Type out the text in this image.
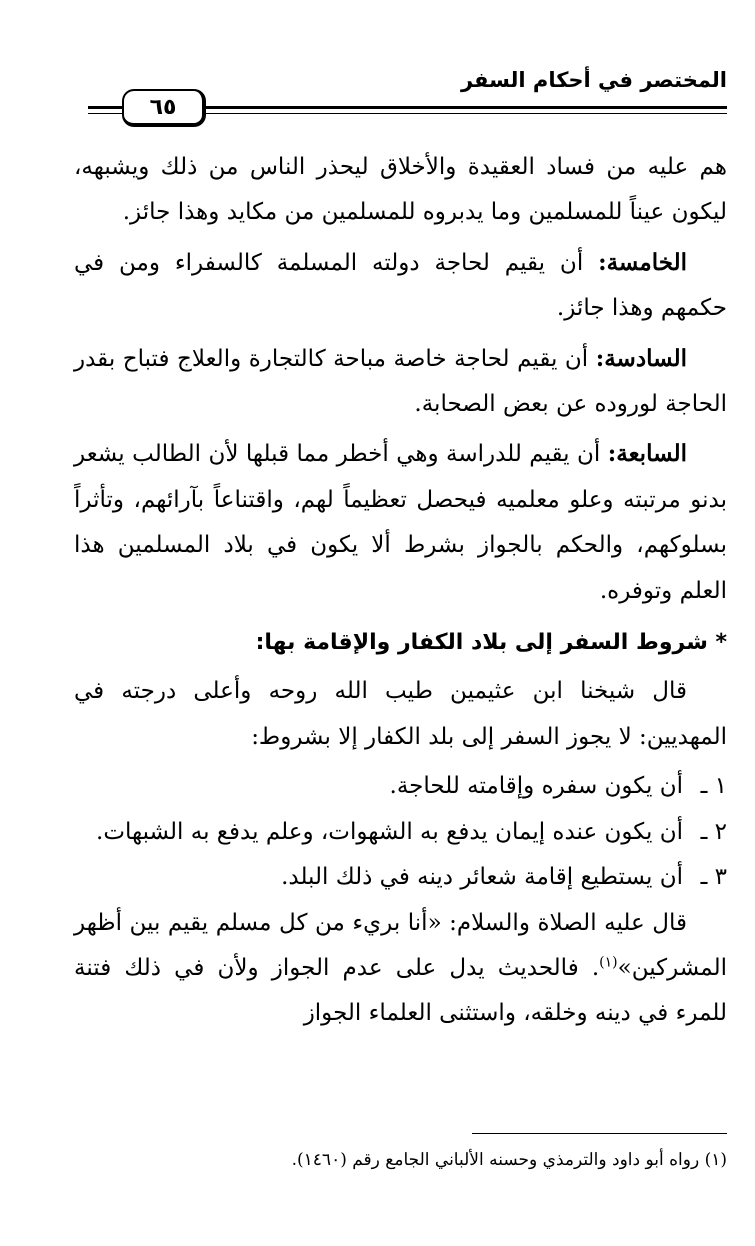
المختصر في أحكام السفر
٦٥

هم عليه من فساد العقيدة والأخلاق ليحذر الناس من ذلك ويشبهه، ليكون عيناً للمسلمين وما يدبروه للمسلمين من مكايد وهذا جائز.

الخامسة: أن يقيم لحاجة دولته المسلمة كالسفراء ومن في حكمهم وهذا جائز.

السادسة: أن يقيم لحاجة خاصة مباحة كالتجارة والعلاج فتباح بقدر الحاجة لوروده عن بعض الصحابة.

السابعة: أن يقيم للدراسة وهي أخطر مما قبلها لأن الطالب يشعر بدنو مرتبته وعلو معلميه فيحصل تعظيماً لهم، واقتناعاً بآرائهم، وتأثراً بسلوكهم، والحكم بالجواز بشرط ألا يكون في بلاد المسلمين هذا العلم وتوفره.

* شروط السفر إلى بلاد الكفار والإقامة بها:

قال شيخنا ابن عثيمين طيب الله روحه وأعلى درجته في المهديين: لا يجوز السفر إلى بلد الكفار إلا بشروط:

١ ـ
أن يكون سفره وإقامته للحاجة.
٢ ـ
أن يكون عنده إيمان يدفع به الشهوات، وعلم يدفع به الشبهات.
٣ ـ
أن يستطيع إقامة شعائر دينه في ذلك البلد.

قال عليه الصلاة والسلام: «أنا بريء من كل مسلم يقيم بين أظهر المشركين»$^{(١)}$. فالحديث يدل على عدم الجواز ولأن في ذلك فتنة للمرء في دينه وخلقه، واستثنى العلماء الجواز

(١) رواه أبو داود والترمذي وحسنه الألباني الجامع رقم (١٤٦٠).
